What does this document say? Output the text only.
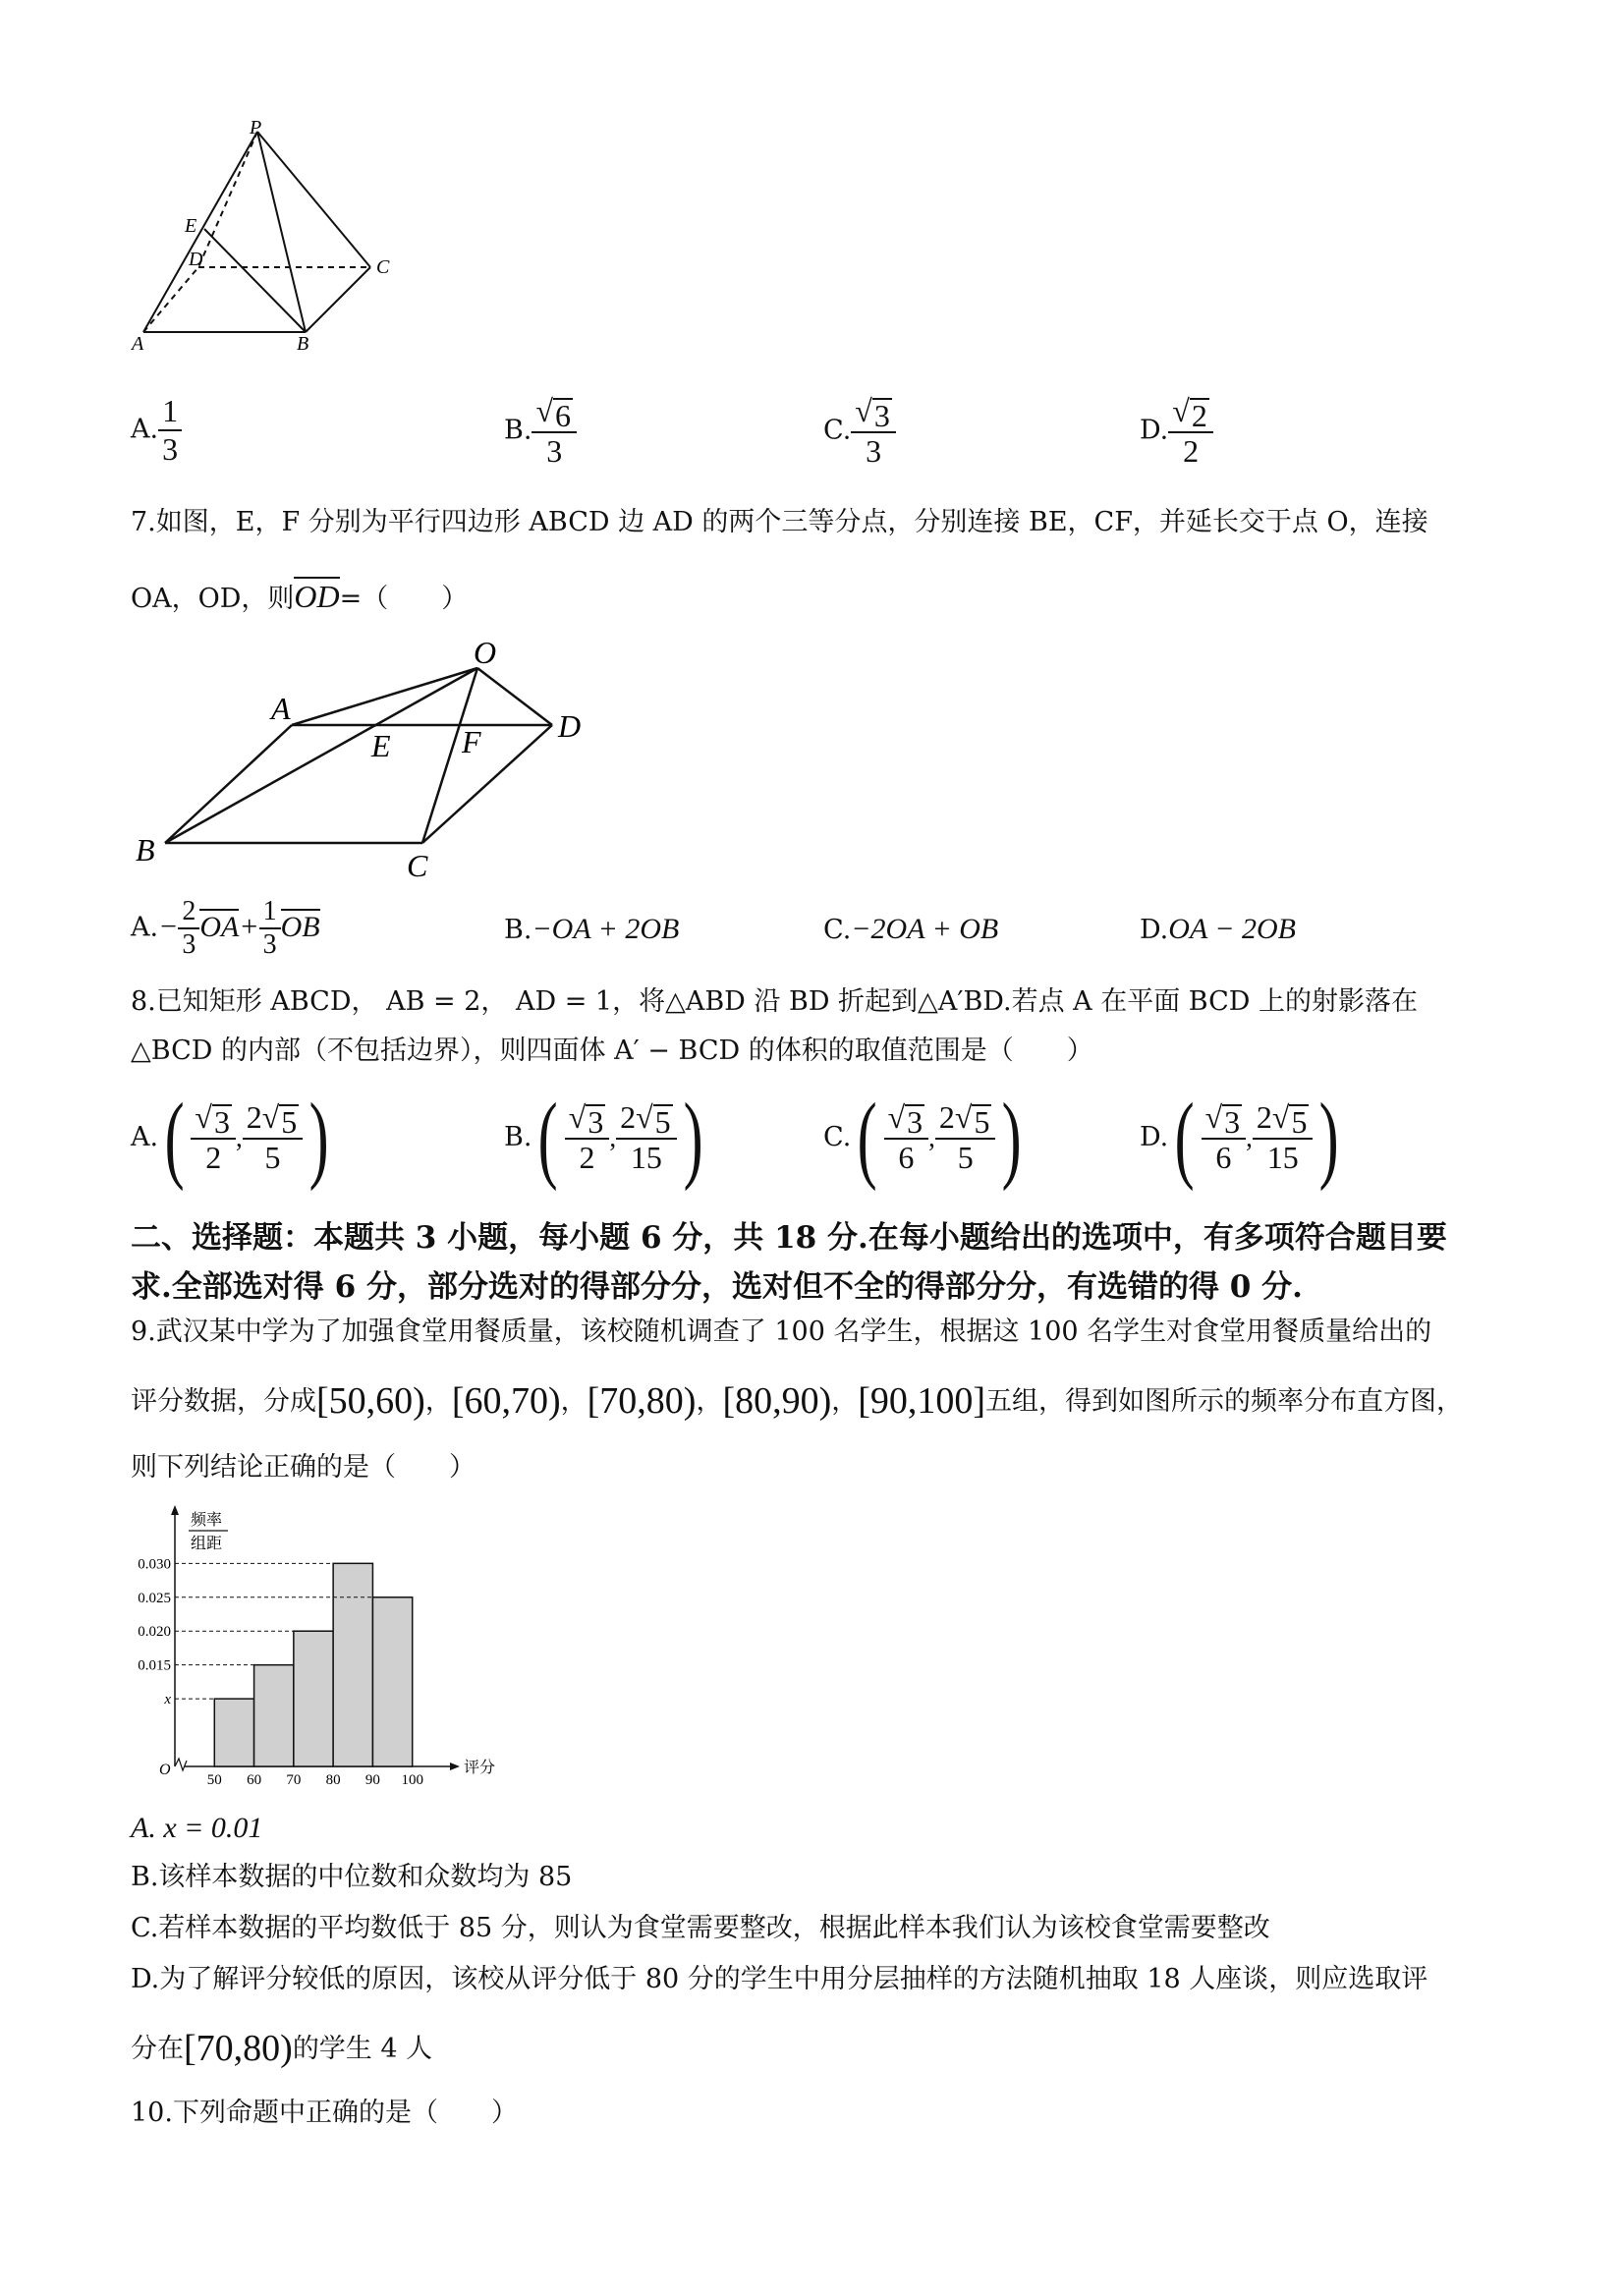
P
E
D	C
A	B
A. $\frac{1}{3}$	B. $\frac{√ 6}{3}$	C. $\frac{√ 3}{3}$	D. $\frac{√ 2}{2}$
7.如图，E，F 分别为平行四边形 ABCD 边 AD 的两个三等分点，分别连接 BE，CF，并延长交于点 O，连接
OA，OD，则OD=（　　）
O
A
E F D
B	C
$A.- \frac{2}{3} OA+ \frac{1}{3}$ OB	B.−OA + 2OB	C.−2OA + OB	D.OA − 2OB
8.已知矩形 ABCD， AB = 2， AD = 1，将△ABD 沿 BD 折起到△A′BD.若点 A 在平面 BCD 上的射影落在
△BCD 的内部（不包括边界），则四面体 A′ − BCD 的体积的取值范围是（　　）
A. ( $\frac{√ 3}{2}$ , $\frac{2 √ 5}{5}$ )	B. ( $\frac{√ 3}{2}$ , $\frac{2 √ 5}{15}$ )	C. ( $\frac{√ 3}{6}$ , $\frac{2 √ 5}{5}$ )	D. ( $\frac{√ 3}{6}$ , $\frac{2 √ 5}{15}$ )
二、选择题：本题共 3 小题，每小题 6 分，共 18 分.在每小题给出的选项中，有多项符合题目要
求.全部选对得 6 分，部分选对的得部分分，选对但不全的得部分分，有选错的得 0 分.
9.武汉某中学为了加强食堂用餐质量，该校随机调查了 100 名学生，根据这 100 名学生对食堂用餐质量给出的
评分数据，分成 [50,60) ， [60,70) ， [70,80) ， [80,90) ， [90,100] 五组，得到如图所示的频率分布直方图，
则下列结论正确的是（　　）
频率
组距
评分
O
x
0.015
0.020
0.025
0.030
50 60 70 80 90 100
A. x = 0.01
B.该样本数据的中位数和众数均为 85
C.若样本数据的平均数低于 85 分，则认为食堂需要整改，根据此样本我们认为该校食堂需要整改
D.为了解评分较低的原因，该校从评分低于 80 分的学生中用分层抽样的方法随机抽取 18 人座谈，则应选取评
分在 [70,80) 的学生 4 人
10.下列命题中正确的是（　　）
